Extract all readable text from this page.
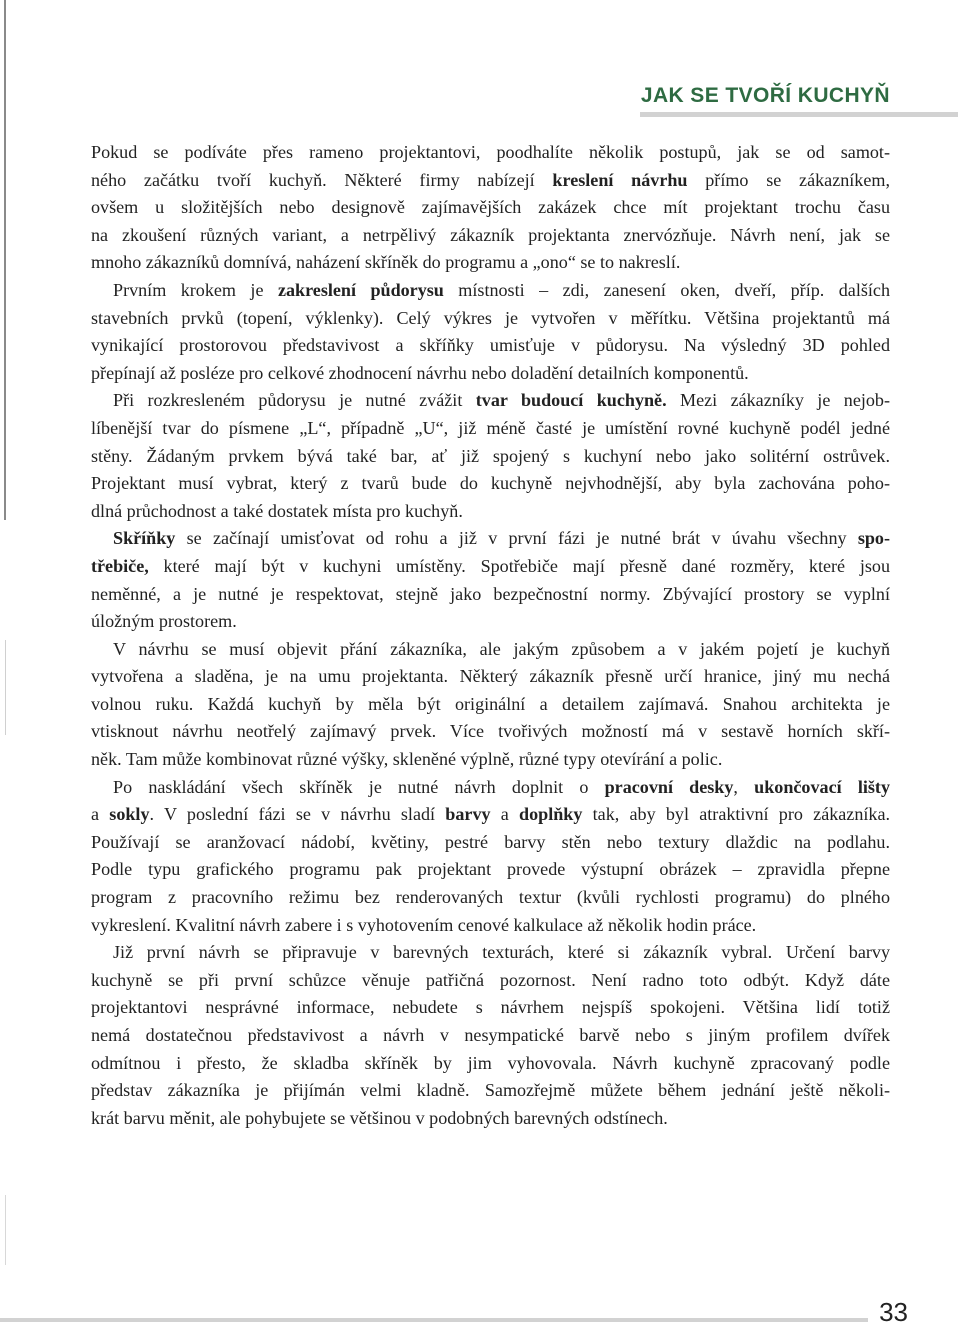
JAK SE TVOŘÍ KUCHYŇ
Pokud se podíváte přes rameno projektantovi, poodhalíte několik postupů, jak se od samot-
ného začátku tvoří kuchyň. Některé firmy nabízejí kreslení návrhu přímo se zákazníkem,
ovšem u složitějších nebo designově zajímavějších zakázek chce mít projektant trochu času
na zkoušení různých variant, a netrpělivý zákazník projektanta znervózňuje. Návrh není, jak se
mnoho zákazníků domnívá, naházení skříněk do programu a „ono“ se to nakreslí.
Prvním krokem je zakreslení půdorysu místnosti – zdi, zanesení oken, dveří, příp. dalších
stavebních prvků (topení, výklenky). Celý výkres je vytvořen v měřítku. Většina projektantů má
vynikající prostorovou představivost a skříňky umisťuje v půdorysu. Na výsledný 3D pohled
přepínají až posléze pro celkové zhodnocení návrhu nebo doladění detailních komponentů.
Při rozkresleném půdorysu je nutné zvážit tvar budoucí kuchyně. Mezi zákazníky je nejob-
líbenější tvar do písmene „L“, případně „U“, již méně časté je umístění rovné kuchyně podél jedné
stěny. Žádaným prvkem bývá také bar, ať již spojený s kuchyní nebo jako solitérní ostrůvek.
Projektant musí vybrat, který z tvarů bude do kuchyně nejvhodnější, aby byla zachována poho-
dlná průchodnost a také dostatek místa pro kuchyň.
Skříňky se začínají umisťovat od rohu a již v první fázi je nutné brát v úvahu všechny spo-
třebiče, které mají být v kuchyni umístěny. Spotřebiče mají přesně dané rozměry, které jsou
neměnné, a je nutné je respektovat, stejně jako bezpečnostní normy. Zbývající prostory se vyplní
úložným prostorem.
V návrhu se musí objevit přání zákazníka, ale jakým způsobem a v jakém pojetí je kuchyň
vytvořena a sladěna, je na umu projektanta. Některý zákazník přesně určí hranice, jiný mu nechá
volnou ruku. Každá kuchyň by měla být originální a detailem zajímavá. Snahou architekta je
vtisknout návrhu neotřelý zajímavý prvek. Více tvořivých možností má v sestavě horních skří-
něk. Tam může kombinovat různé výšky, skleněné výplně, různé typy otevírání a polic.
Po naskládání všech skříněk je nutné návrh doplnit o pracovní desky, ukončovací lišty
a sokly. V poslední fázi se v návrhu sladí barvy a doplňky tak, aby byl atraktivní pro zákazníka.
Používají se aranžovací nádobí, květiny, pestré barvy stěn nebo textury dlaždic na podlahu.
Podle typu grafického programu pak projektant provede výstupní obrázek – zpravidla přepne
program z pracovního režimu bez renderovaných textur (kvůli rychlosti programu) do plného
vykreslení. Kvalitní návrh zabere i s vyhotovením cenové kalkulace až několik hodin práce.
Již první návrh se připravuje v barevných texturách, které si zákazník vybral. Určení barvy
kuchyně se při první schůzce věnuje patřičná pozornost. Není radno toto odbýt. Když dáte
projektantovi nesprávné informace, nebudete s návrhem nejspíš spokojeni. Většina lidí totiž
nemá dostatečnou představivost a návrh v nesympatické barvě nebo s jiným profilem dvířek
odmítnou i přesto, že skladba skříněk by jim vyhovovala. Návrh kuchyně zpracovaný podle
představ zákazníka je přijímán velmi kladně. Samozřejmě můžete během jednání ještě několi-
krát barvu měnit, ale pohybujete se většinou v podobných barevných odstínech.
33
